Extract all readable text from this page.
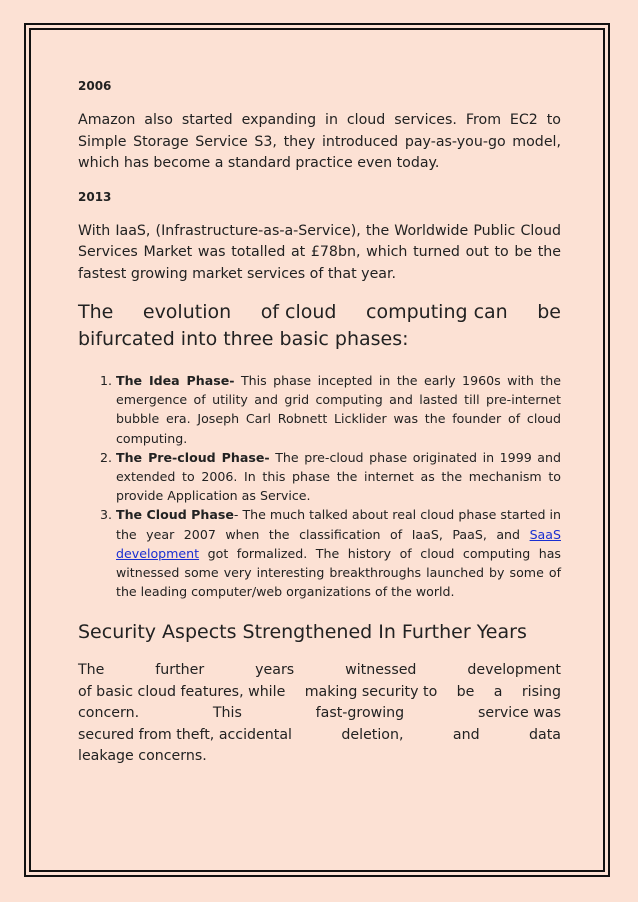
2006

Amazon also started expanding in cloud services. From EC2 to Simple Storage Service S3, they introduced pay-as-you-go model, which has become a standard practice even today.

2013

With IaaS, (Infrastructure-as-a-Service), the Worldwide Public Cloud Services Market was totalled at £78bn, which turned out to be the fastest growing market services of that year.

The evolution of cloud computing can be
bifurcated into three basic phases:
1. The Idea Phase- This phase incepted in the early 1960s with the emergence of utility and grid computing and lasted till pre-internet bubble era. Joseph Carl Robnett Licklider was the founder of cloud computing.
2. The Pre-cloud Phase- The pre-cloud phase originated in 1999 and extended to 2006. In this phase the internet as the mechanism to provide Application as Service.
3. The Cloud Phase- The much talked about real cloud phase started in the year 2007 when the classification of IaaS, PaaS, and SaaS development got formalized. The history of cloud computing has witnessed some very interesting breakthroughs launched by some of the leading computer/web organizations of the world.
Security Aspects Strengthened In Further Years
The	further	years	witnessed	development
of basic cloud features, while making security to be a rising
concern.	This	fast-growing	service was
secured from theft, accidental	deletion,	and	data
leakage concerns.
